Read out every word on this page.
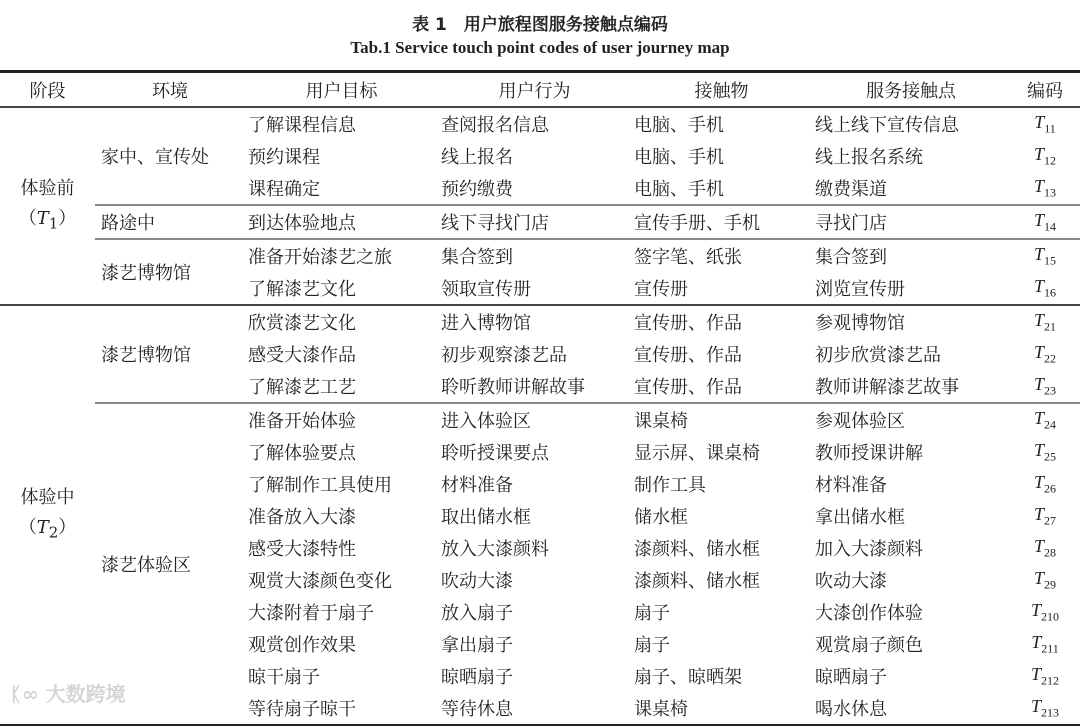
表 1　用户旅程图服务接触点编码
Tab.1 Service touch point codes of user journey map
阶段	环境	用户目标	用户行为	接触物	服务接触点	编码

体验前
$(T_1)$	家中、宣传处	了解课程信息	查阅报名信息	电脑、手机	线上线下宣传信息	$T_{11}$
		预约课程	线上报名	电脑、手机	线上报名系统	$T_{12}$
		课程确定	预约缴费	电脑、手机	缴费渠道	$T_{13}$
	路途中	到达体验地点	线下寻找门店	宣传手册、手机	寻找门店	$T_{14}$
	漆艺博物馆	准备开始漆艺之旅	集合签到	签字笔、纸张	集合签到	$T_{15}$
		了解漆艺文化	领取宣传册	宣传册	浏览宣传册	$T_{16}$

体验中
$(T_2)$	漆艺博物馆	欣赏漆艺文化	进入博物馆	宣传册、作品	参观博物馆	$T_{21}$
		感受大漆作品	初步观察漆艺品	宣传册、作品	初步欣赏漆艺品	$T_{22}$
		了解漆艺工艺	聆听教师讲解故事	宣传册、作品	教师讲解漆艺故事	$T_{23}$
	漆艺体验区	准备开始体验	进入体验区	课桌椅	参观体验区	$T_{24}$
		了解体验要点	聆听授课要点	显示屏、课桌椅	教师授课讲解	$T_{25}$
		了解制作工具使用	材料准备	制作工具	材料准备	$T_{26}$
		准备放入大漆	取出储水框	储水框	拿出储水框	$T_{27}$
		感受大漆特性	放入大漆颜料	漆颜料、储水框	加入大漆颜料	$T_{28}$
		观赏大漆颜色变化	吹动大漆	漆颜料、储水框	吹动大漆	$T_{29}$
		大漆附着于扇子	放入扇子	扇子	大漆创作体验	$T_{210}$
		观赏创作效果	拿出扇子	扇子	观赏扇子颜色	$T_{211}$
		晾干扇子	晾晒扇子	扇子、晾晒架	晾晒扇子	$T_{212}$
		等待扇子晾干	等待休息	课桌椅	喝水休息	$T_{213}$
ᛕ∞ 大数跨境
